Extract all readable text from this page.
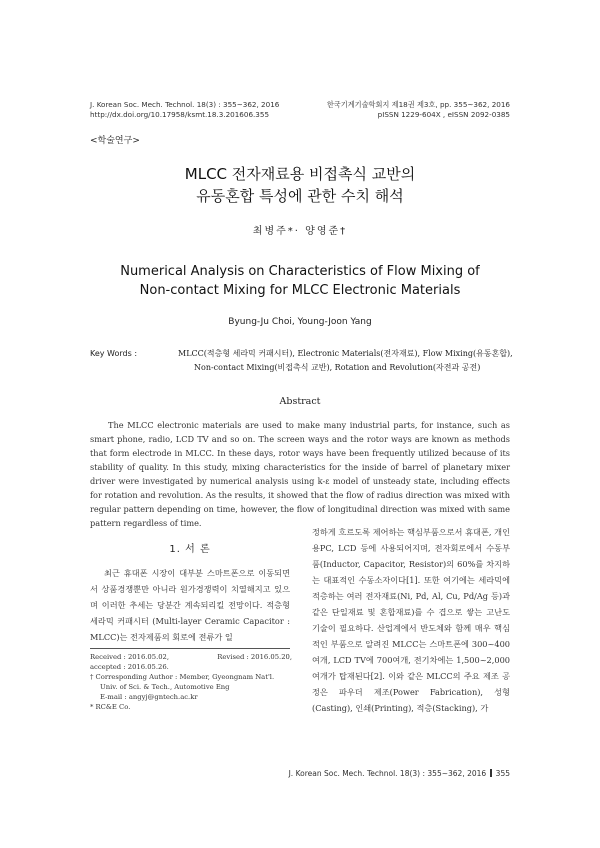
J. Korean Soc. Mech. Technol. 18(3) : 355~362, 2016
http://dx.doi.org/10.17958/ksmt.18.3.201606.355
한국기계기술학회지 제18권 제3호, pp. 355~362, 2016
pISSN 1229-604X , eISSN 2092-0385
<학술연구>
MLCC 전자재료용 비접촉식 교반의
유동혼합 특성에 관한 수치 해석
최병주*· 양영준†
Numerical Analysis on Characteristics of Flow Mixing of
Non-contact Mixing for MLCC Electronic Materials
Byung-Ju Choi, Young-Joon Yang
Key Words :	MLCC(적층형 세라믹 커패시터), Electronic Materials(전자재료), Flow Mixing(유동혼합),
Non-contact Mixing(비접촉식 교반), Rotation and Revolution(자전과 공전)
Abstract
The MLCC electronic materials are used to make many industrial parts, for instance, such as smart phone, radio, LCD TV and so on. The screen ways and the rotor ways are known as methods that form electrode in MLCC. In these days, rotor ways have been frequently utilized because of its stability of quality. In this study, mixing characteristics for the inside of barrel of planetary mixer driver were investigated by numerical analysis using k-ε model of unsteady state, including effects for rotation and revolution. As the results, it showed that the flow of radius direction was mixed with regular pattern depending on time, however, the flow of longitudinal direction was mixed with same pattern regardless of time.
1. 서 론
최근 휴대폰 시장이 대부분 스마트폰으로 이동되면서 상품경쟁뿐만 아니라 원가경쟁력이 치열해지고 있으며 이러한 추세는 당분간 계속되리킬 전망이다. 적층형 세라믹 커패시터 (Multi-layer Ceramic Capacitor : MLCC)는 전자제품의 회로에 전류가 일
정하게 흐르도록 제어하는 핵심부품으로서 휴대폰, 개인용PC, LCD 등에 사용되어지며, 전자회로에서 수동부품(Inductor, Capacitor, Resistor)의 60%를 차지하는 대표적인 수동소자이다[1]. 또한 여기에는 세라믹에 적층하는 여러 전자재료(Ni, Pd, Al, Cu, Pd/Ag 등)과 같은 단일재료 및 혼합재료)를 수 겹으로 쌓는 고난도 기술이 필요하다. 산업계에서 반도체와 함께 매우 핵심적인 부품으로 알려진 MLCC는 스마트폰에 300~400여개, LCD TV에 700여개, 전기차에는 1,500~2,000여개가 탑재된다[2]. 이와 같은 MLCC의 주요 제조 공정은 파우더 제조(Power Fabrication), 성형(Casting), 인쇄(Printing), 적층(Stacking), 가
Received : 2016.05.02,	Revised : 2016.05.20,
accepted : 2016.05.26.
† Corresponding Author : Member, Gyeongnam Nat'l.
Univ. of Sci. & Tech., Automotive Eng
E-mail : angyj@gntech.ac.kr
* RC&E Co.
J. Korean Soc. Mech. Technol. 18(3) : 355~362, 2016 355
